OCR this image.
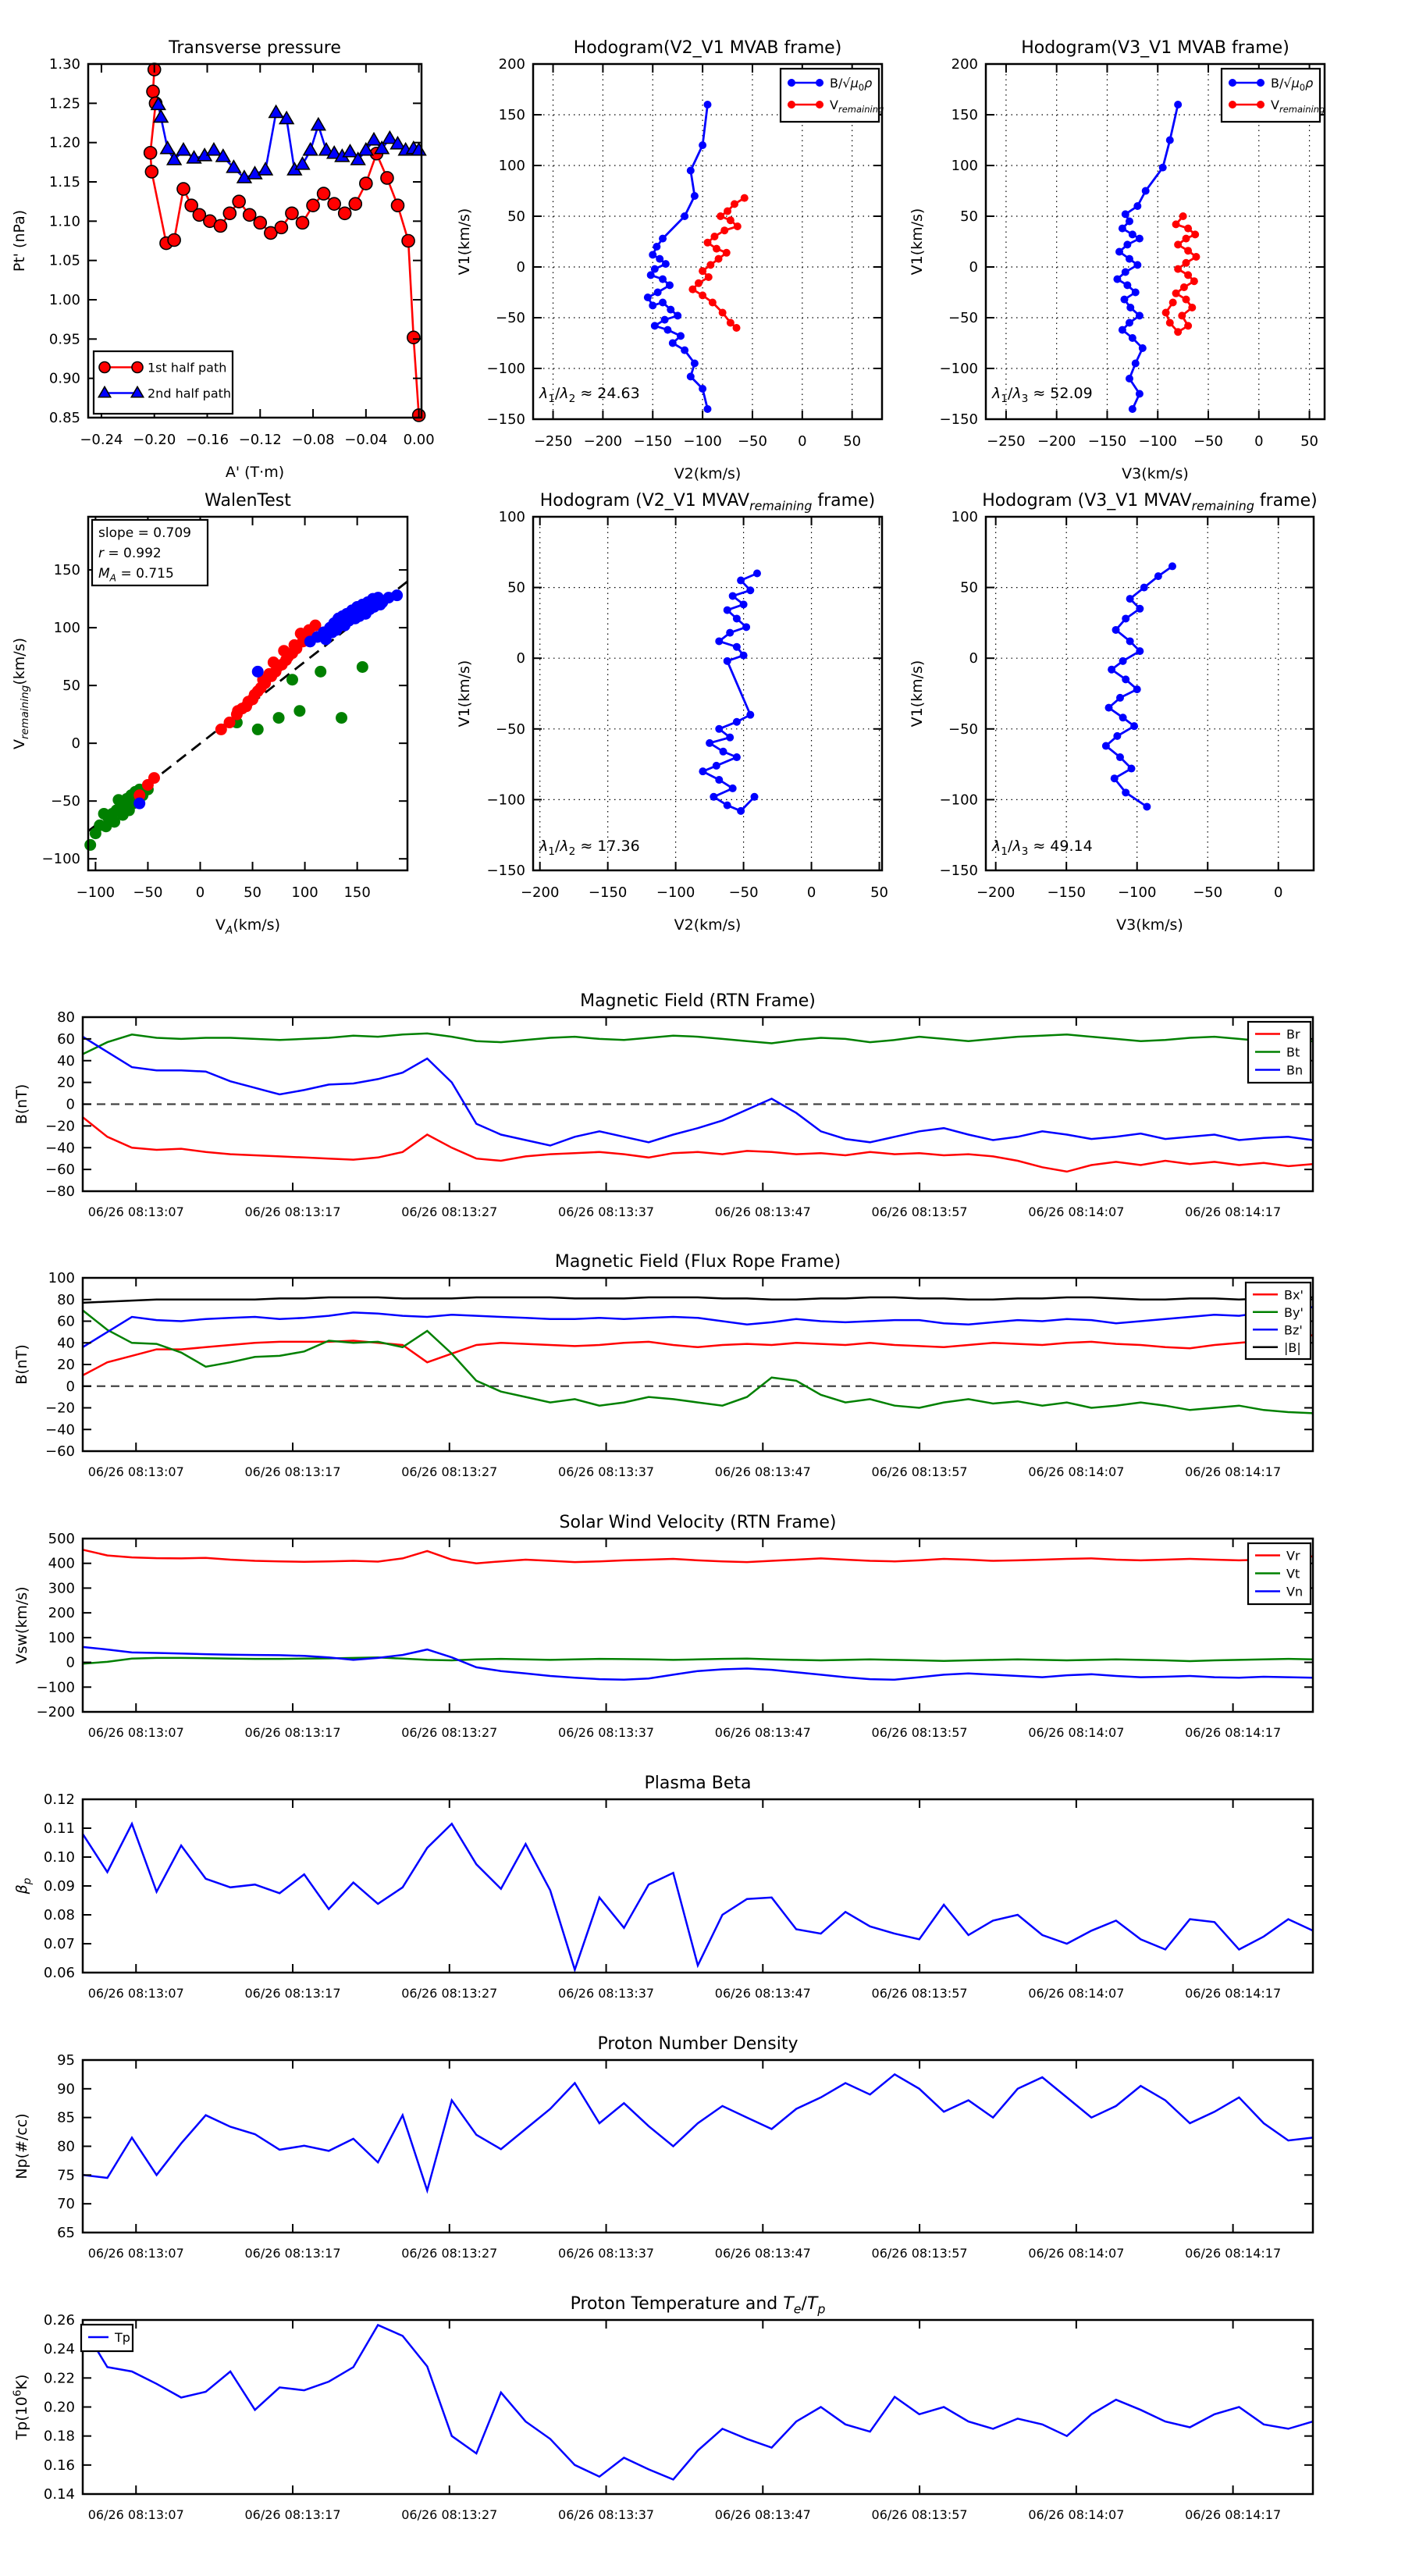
−0.24 −0.20 −0.16 −0.12 −0.08 −0.04 0.00
0.85
0.90
0.95
1.00
1.05
1.10
1.15
1.20
1.25
1.30
Transverse pressure
A' (T·m)
Pt' (nPa)
1st half path
2nd half path
−250 −200 −150 −100 −50 0	50
−150
−100
−50
0
50
100
150
200
Hodogram(V2_V1 MVAB frame)
V2(km/s)
V1(km/s)
$\lambda_1/\lambda_2 \approx 24.63$
$B/√\mu_0\rho$
$V_{remaining}$
−250 −200 −150 −100 −50 0	50
−150
−100
−50
0
50
100
150
200
Hodogram(V3_V1 MVAB frame)
V3(km/s)
V1(km/s)
$\lambda_1/\lambda_3 \approx 52.09$
$B/√\mu_0\rho$
$V_{remaining}$
−100 −50 0	50 100 150
−100
−50
0
50
100
150
WalenTest
$V_A(km/s)$
$V_{remaining}(km/s)$
slope = 0.709
r = 0.992
$M_A = 0.715$
−200 −150 −100 −50	0	50
−150
−100
−50
0
50
100
Hodogram (V2_V1 $MVAV_{remaining}$ frame)
V2(km/s)
V1(km/s)
$\lambda_1/\lambda_2 \approx 17.36$
−200 −150 −100	−50	0
−150
−100
−50
0
50
100
Hodogram (V3_V1 $MVAV_{remaining}$ frame)
V3(km/s)
V1(km/s)
$\lambda_1/\lambda_3 \approx 49.14$
06/26 08:13:07	06/26 08:13:17	06/26 08:13:27	06/26 08:13:37	06/26 08:13:47	06/26 08:13:57	06/26 08:14:07	06/26 08:14:17
−80
−60
−40
−20
0
20
40
60
80
Magnetic Field (RTN Frame)
B(nT)
Br
Bt
Bn
06/26 08:13:07	06/26 08:13:17	06/26 08:13:27	06/26 08:13:37	06/26 08:13:47	06/26 08:13:57	06/26 08:14:07	06/26 08:14:17
−60
−40
−20
0
20
40
60
80
100
Magnetic Field (Flux Rope Frame)
B(nT)
Bx'
By'
Bz'
|B|
06/26 08:13:07	06/26 08:13:17	06/26 08:13:27	06/26 08:13:37	06/26 08:13:47	06/26 08:13:57	06/26 08:14:07	06/26 08:14:17
−200
−100
0
100
200
300
400
500
Solar Wind Velocity (RTN Frame)
Vsw(km/s)
Vr
Vt
Vn
06/26 08:13:07	06/26 08:13:17	06/26 08:13:27	06/26 08:13:37	06/26 08:13:47	06/26 08:13:57	06/26 08:14:07	06/26 08:14:17
0.06
0.07
0.08
0.09
0.10
0.11
0.12
Plasma Beta
$\beta_p$
06/26 08:13:07	06/26 08:13:17	06/26 08:13:27	06/26 08:13:37	06/26 08:13:47	06/26 08:13:57	06/26 08:14:07	06/26 08:14:17
65
70
75
80
85
90
95
Proton Number Density
Np(#/cc)
06/26 08:13:07	06/26 08:13:17	06/26 08:13:27	06/26 08:13:37	06/26 08:13:47	06/26 08:13:57	06/26 08:14:07	06/26 08:14:17
0.14
0.16
0.18
0.20
0.22
0.24
0.26
Proton Temperature and $T_e/T_p$
$Tp(10^6K)$
Tp
